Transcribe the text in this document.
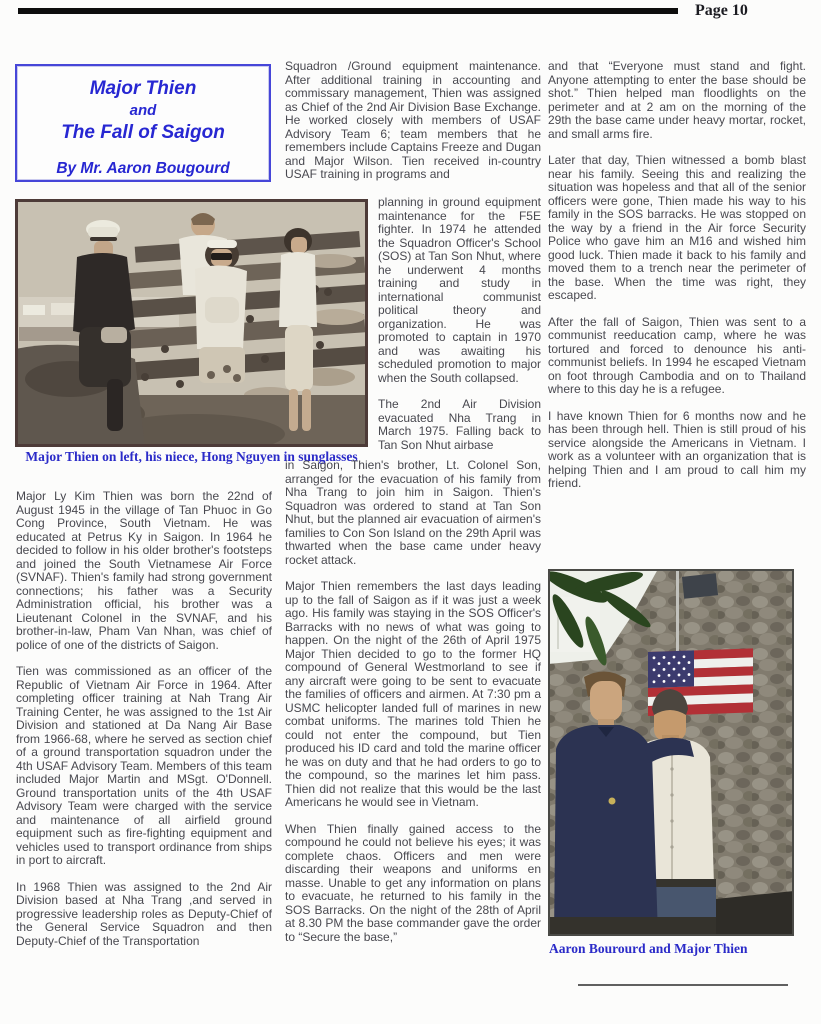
Page 10
Major Thien
and
The Fall of Saigon
By Mr. Aaron Bougourd
Major Thien on left, his niece, Hong Nguyen in sunglasses
Major Ly Kim Thien was born the 22nd of August 1945 in the village of Tan Phuoc in Go Cong Province, South Vietnam. He was educated at Petrus Ky in Saigon. In 1964 he decided to follow in his older brother's footsteps and joined the South Vietnamese Air Force (SVNAF). Thien's family had strong government connections; his father was a Security Administration official, his brother was a Lieutenant Colonel in the SVNAF, and his brother-in-law, Pham Van Nhan, was chief of police of one of the districts of Saigon.
Tien was commissioned as an officer of the Republic of Vietnam Air Force in 1964. After completing officer training at Nah Trang Air Training Center, he was assigned to the 1st Air Division and stationed at Da Nang Air Base from 1966-68, where he served as section chief of a ground transportation squadron under the 4th USAF Advisory Team. Members of this team included Major Martin and MSgt. O'Donnell. Ground transportation units of the 4th USAF Advisory Team were charged with the service and maintenance of all airfield ground equipment such as fire-fighting equipment and vehicles used to transport ordinance from ships in port to aircraft.
In 1968 Thien was assigned to the 2nd Air Division based at Nha Trang ,and served in progressive leadership roles as Deputy-Chief of the General Service Squadron and then Deputy-Chief of the Transportation
Squadron /Ground equipment maintenance. After additional training in accounting and commissary management, Thien was assigned as Chief of the 2nd Air Division Base Exchange. He worked closely with members of USAF Advisory Team 6; team members that he remembers include Captains Freeze and Dugan and Major Wilson. Tien received in-country USAF training in programs and
planning in ground equipment maintenance for the F5E fighter. In 1974 he attended the Squadron Officer's School (SOS) at Tan Son Nhut, where he underwent 4 months training and study in international communist political theory and organization. He was promoted to captain in 1970 and was awaiting his scheduled promotion to major when the South collapsed.
The 2nd Air Division evacuated Nha Trang in March 1975. Falling back to Tan Son Nhut airbase
in Saigon, Thien's brother, Lt. Colonel Son, arranged for the evacuation of his family from Nha Trang to join him in Saigon. Thien's Squadron was ordered to stand at Tan Son Nhut, but the planned air evacuation of airmen's families to Con Son Island on the 29th April was thwarted when the base came under heavy rocket attack.
Major Thien remembers the last days leading up to the fall of Saigon as if it was just a week ago. His family was staying in the SOS Officer's Barracks with no news of what was going to happen. On the night of the 26th of April 1975 Major Thien decided to go to the former HQ compound of General Westmorland to see if any aircraft were going to be sent to evacuate the families of officers and airmen. At 7:30 pm a USMC helicopter landed full of marines in new combat uniforms. The marines told Thien he could not enter the compound, but Tien produced his ID card and told the marine officer he was on duty and that he had orders to go to the compound, so the marines let him pass. Thien did not realize that this would be the last Americans he would see in Vietnam.
When Thien finally gained access to the compound he could not believe his eyes; it was complete chaos. Officers and men were discarding their weapons and uniforms en masse. Unable to get any information on plans to evacuate, he returned to his family in the SOS Barracks. On the night of the 28th of April at 8.30 PM the base commander gave the order to “Secure the base,”
and that “Everyone must stand and fight. Anyone attempting to enter the base should be shot.” Thien helped man floodlights on the perimeter and at 2 am on the morning of the 29th the base came under heavy mortar, rocket, and small arms fire.
Later that day, Thien witnessed a bomb blast near his family. Seeing this and realizing the situation was hopeless and that all of the senior officers were gone, Thien made his way to his family in the SOS barracks. He was stopped on the way by a friend in the Air force Security Police who gave him an M16 and wished him good luck. Thien made it back to his family and moved them to a trench near the perimeter of the base. When the time was right, they escaped.
After the fall of Saigon, Thien was sent to a communist reeducation camp, where he was tortured and forced to denounce his anti-communist beliefs. In 1994 he escaped Vietnam on foot through Cambodia and on to Thailand where to this day he is a refugee.
I have known Thien for 6 months now and he has been through hell. Thien is still proud of his service alongside the Americans in Vietnam. I work as a volunteer with an organization that is helping Thien and I am proud to call him my friend.
Aaron Bourourd and Major Thien
